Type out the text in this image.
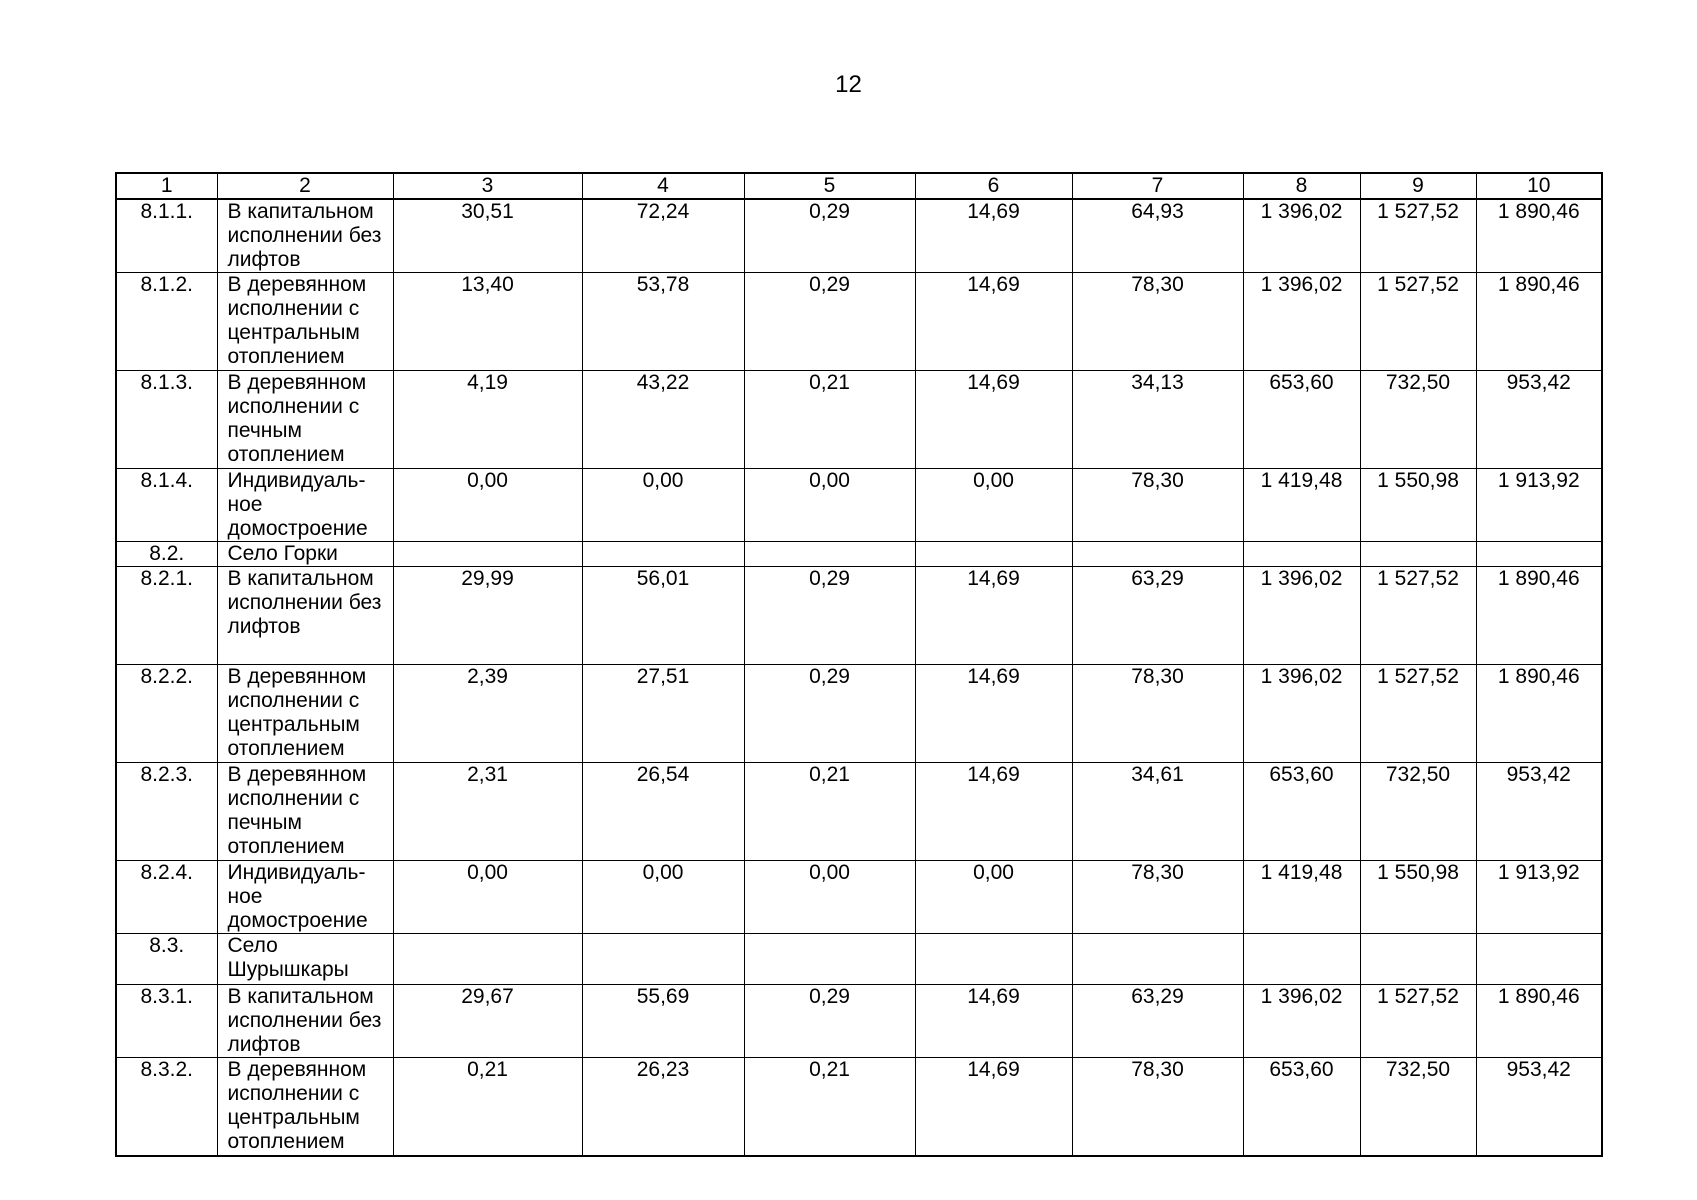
12
1	2	3	4	5	6	7	8	9	10
8.1.1.	В капитальном исполнении без лифтов	30,51	72,24	0,29	14,69	64,93	1 396,02	1 527,52	1 890,46
8.1.2.	В деревянном исполнении с центральным отоплением	13,40	53,78	0,29	14,69	78,30	1 396,02	1 527,52	1 890,46
8.1.3.	В деревянном исполнении с печным отоплением	4,19	43,22	0,21	14,69	34,13	653,60	732,50	953,42
8.1.4.	Индивидуаль-ное домостроение	0,00	0,00	0,00	0,00	78,30	1 419,48	1 550,98	1 913,92
8.2.	Село Горки								
8.2.1.	В капитальном исполнении без лифтов	29,99	56,01	0,29	14,69	63,29	1 396,02	1 527,52	1 890,46
8.2.2.	В деревянном исполнении с центральным отоплением	2,39	27,51	0,29	14,69	78,30	1 396,02	1 527,52	1 890,46
8.2.3.	В деревянном исполнении с печным отоплением	2,31	26,54	0,21	14,69	34,61	653,60	732,50	953,42
8.2.4.	Индивидуаль-ное домостроение	0,00	0,00	0,00	0,00	78,30	1 419,48	1 550,98	1 913,92
8.3.	Село Шурышкары								
8.3.1.	В капитальном исполнении без лифтов	29,67	55,69	0,29	14,69	63,29	1 396,02	1 527,52	1 890,46
8.3.2.	В деревянном исполнении с центральным отоплением	0,21	26,23	0,21	14,69	78,30	653,60	732,50	953,42
